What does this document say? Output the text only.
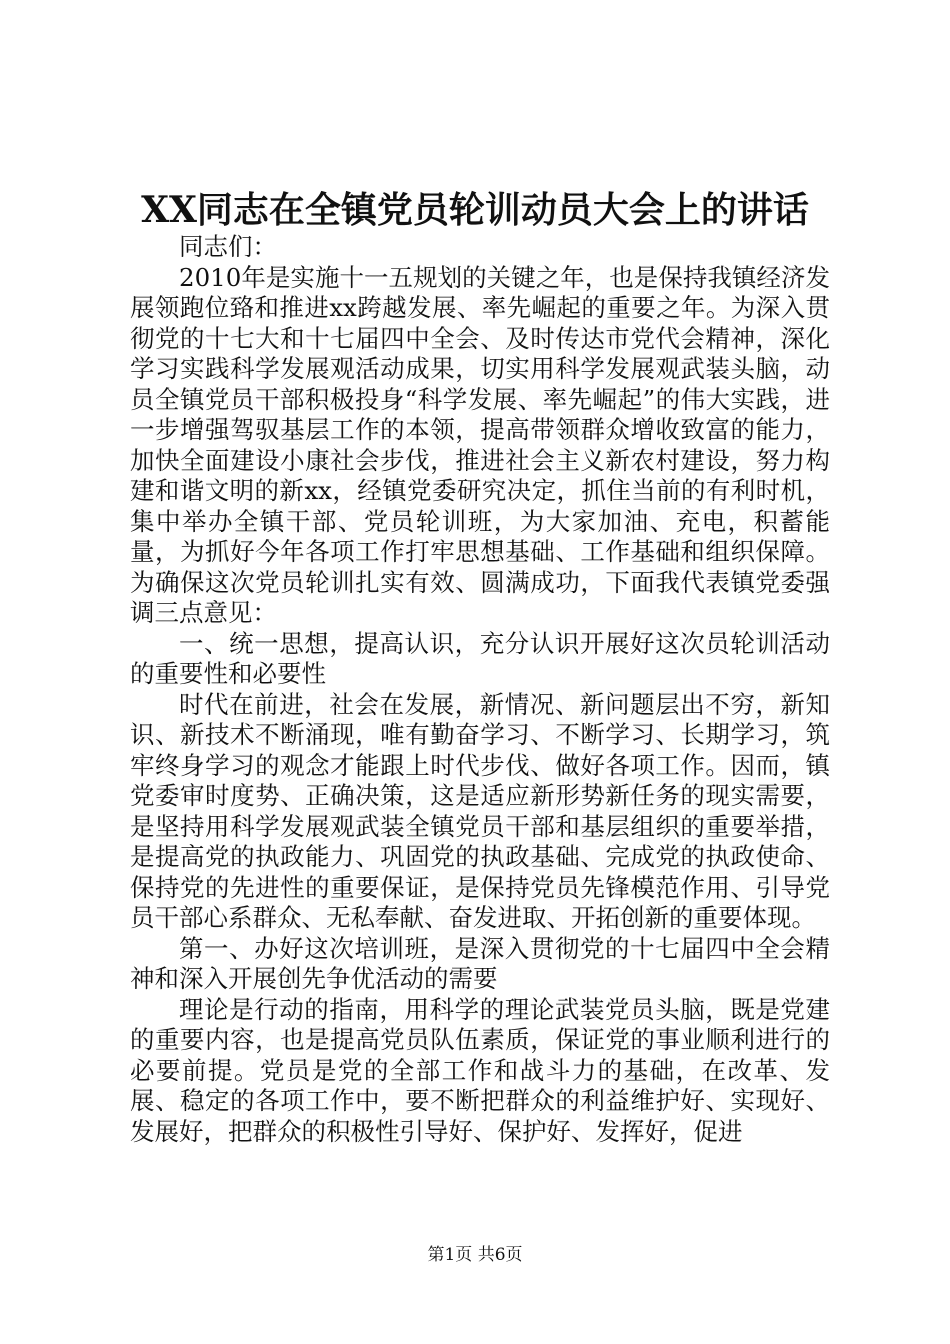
XX同志在全镇党员轮训动员大会上的讲话

同志们：

2010年是实施十一五规划的关键之年，也是保持我镇经济发展领跑位臵和推进xx跨越发展、率先崛起的重要之年。为深入贯彻党的十七大和十七届四中全会、及时传达市党代会精神，深化学习实践科学发展观活动成果，切实用科学发展观武装头脑，动员全镇党员干部积极投身“科学发展、率先崛起”的伟大实践，进一步增强驾驭基层工作的本领，提高带领群众增收致富的能力，加快全面建设小康社会步伐，推进社会主义新农村建设，努力构建和谐文明的新xx，经镇党委研究决定，抓住当前的有利时机，集中举办全镇干部、党员轮训班，为大家加油、充电，积蓄能量，为抓好今年各项工作打牢思想基础、工作基础和组织保障。为确保这次党员轮训扎实有效、圆满成功，下面我代表镇党委强调三点意见：

一、统一思想，提高认识，充分认识开展好这次员轮训活动的重要性和必要性

时代在前进，社会在发展，新情况、新问题层出不穷，新知识、新技术不断涌现，唯有勤奋学习、不断学习、长期学习，筑牢终身学习的观念才能跟上时代步伐、做好各项工作。因而，镇党委审时度势、正确决策，这是适应新形势新任务的现实需要，是坚持用科学发展观武装全镇党员干部和基层组织的重要举措，是提高党的执政能力、巩固党的执政基础、完成党的执政使命、保持党的先进性的重要保证，是保持党员先锋模范作用、引导党员干部心系群众、无私奉献、奋发进取、开拓创新的重要体现。

第一、办好这次培训班，是深入贯彻党的十七届四中全会精神和深入开展创先争优活动的需要

理论是行动的指南，用科学的理论武装党员头脑，既是党建的重要内容，也是提高党员队伍素质，保证党的事业顺利进行的必要前提。党员是党的全部工作和战斗力的基础，在改革、发展、稳定的各项工作中，要不断把群众的利益维护好、实现好、发展好，把群众的积极性引导好、保护好、发挥好，促进

第1页 共6页
